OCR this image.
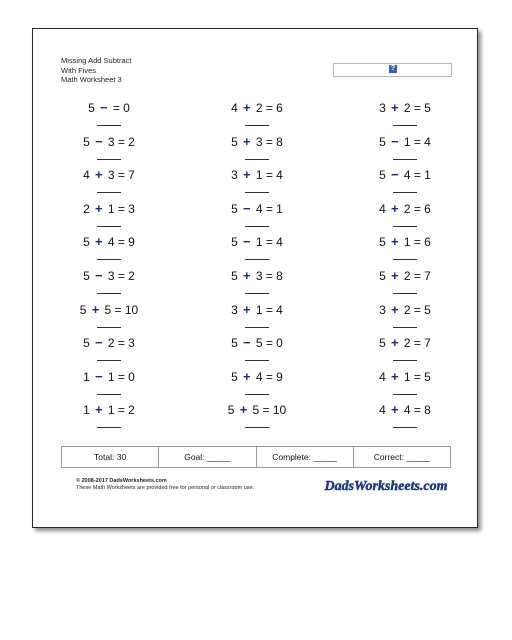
Missing Add Subtract
With Fives
Math Worksheet 3
?
5 − = 0	4 + 2 = 6	3 + 2 = 5
5 − 3 = 2	5 + 3 = 8	5 − 1 = 4
4 + 3 = 7	3 + 1 = 4	5 − 4 = 1
2 + 1 = 3	5 − 4 = 1	4 + 2 = 6
5 + 4 = 9	5 − 1 = 4	5 + 1 = 6
5 − 3 = 2	5 + 3 = 8	5 + 2 = 7
5 + 5 = 10	3 + 1 = 4	3 + 2 = 5
5 − 2 = 3	5 − 5 = 0	5 + 2 = 7
1 − 1 = 0	5 + 4 = 9	4 + 1 = 5
1 + 1 = 2	5 + 5 = 10	4 + 4 = 8
Total: 30	Goal: _____	Complete: _____	Correct: _____
© 2008-2017 DadsWorksheets.com
These Math Worksheets are provided free for personal or classroom use.	DadsWorksheets.com
